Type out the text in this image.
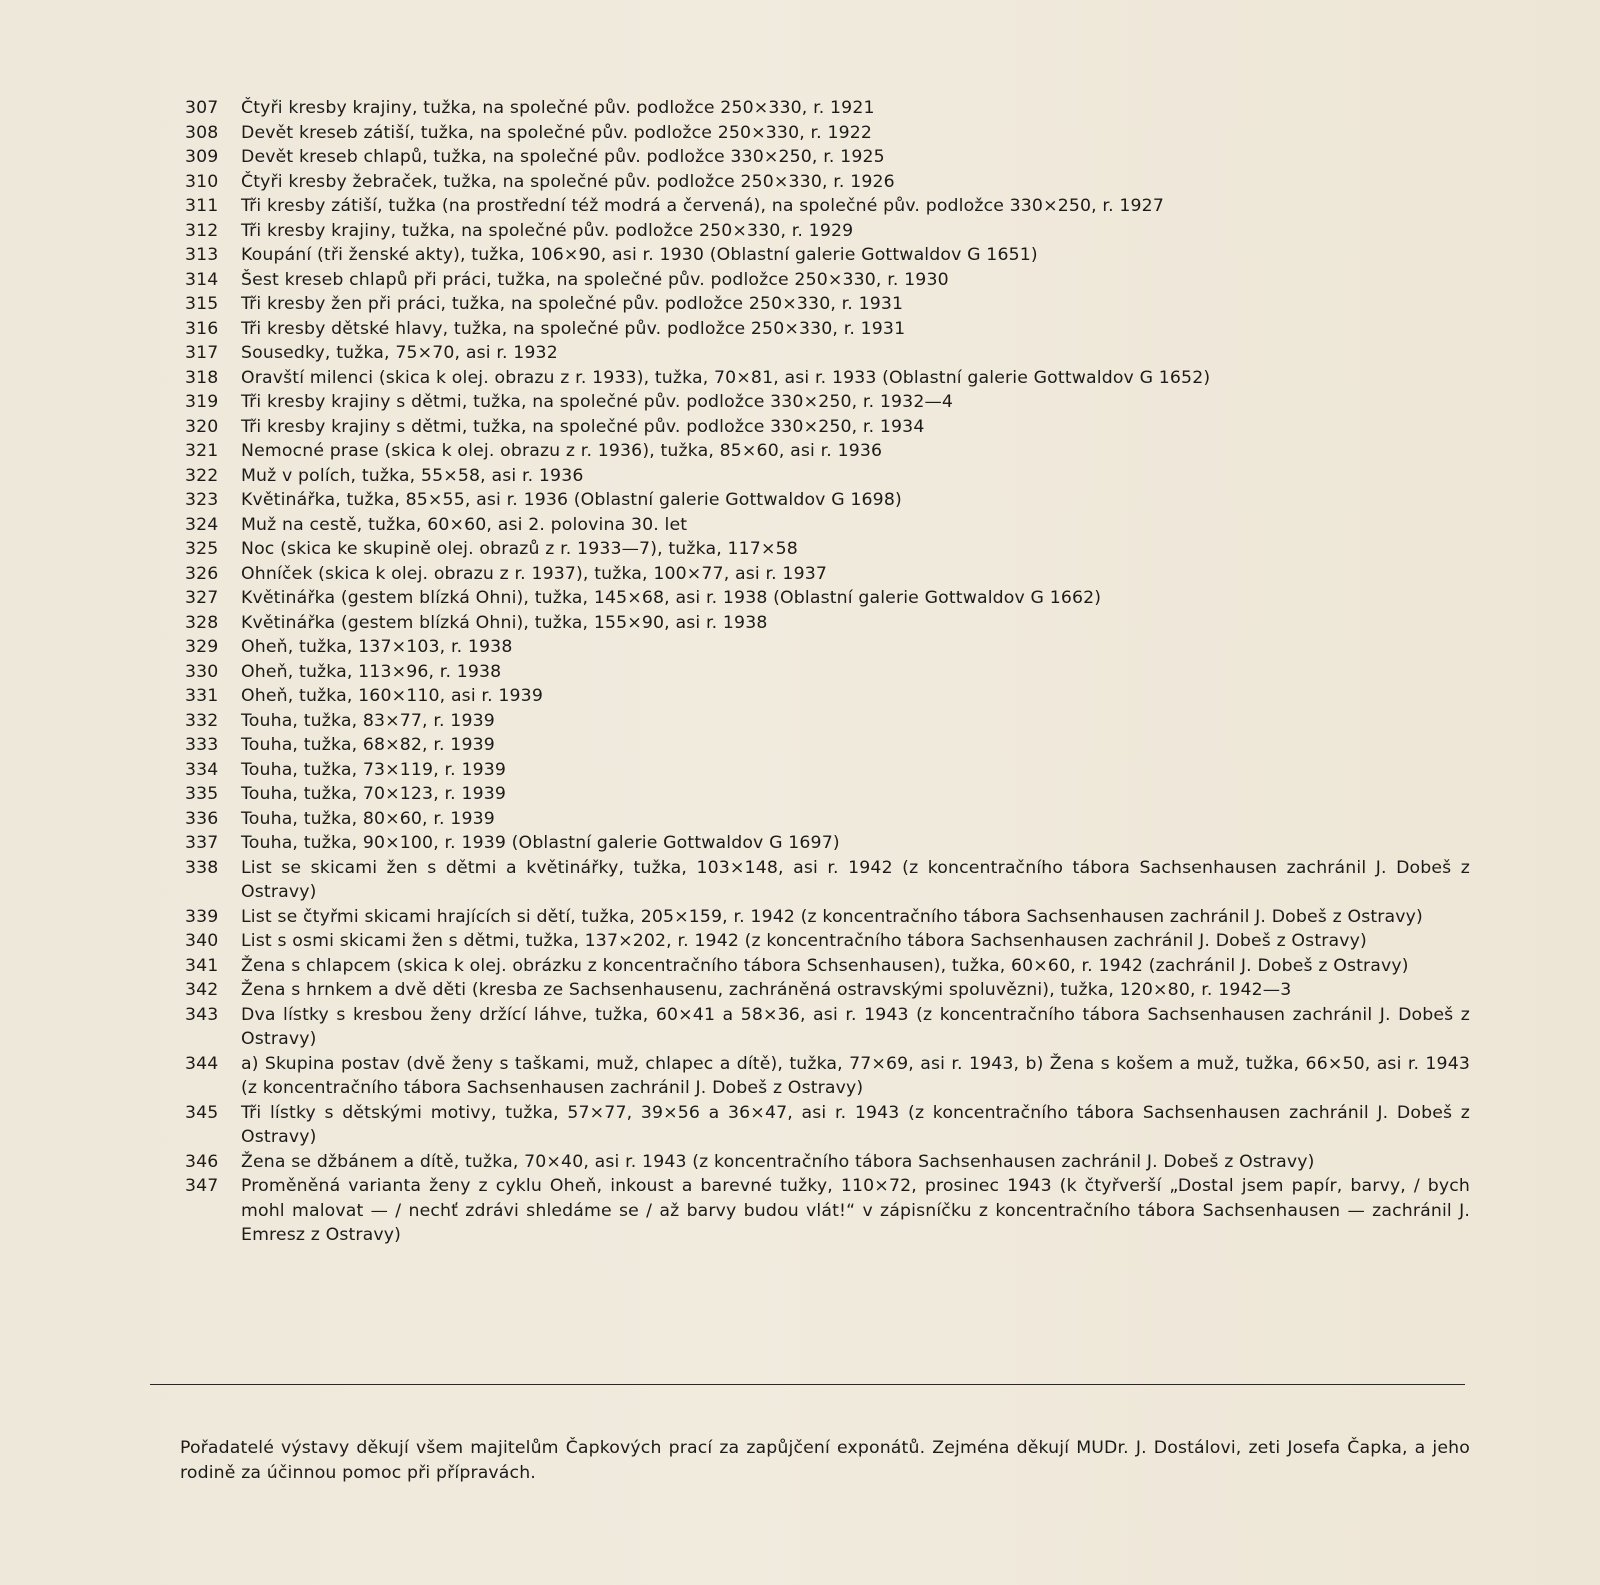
307	Čtyři kresby krajiny, tužka, na společné pův. podložce 250×330, r. 1921
308	Devět kreseb zátiší, tužka, na společné pův. podložce 250×330, r. 1922
309	Devět kreseb chlapů, tužka, na společné pův. podložce 330×250, r. 1925
310	Čtyři kresby žebraček, tužka, na společné pův. podložce 250×330, r. 1926
311	Tři kresby zátiší, tužka (na prostřední též modrá a červená), na společné pův. podložce 330×250, r. 1927
312	Tři kresby krajiny, tužka, na společné pův. podložce 250×330, r. 1929
313	Koupání (tři ženské akty), tužka, 106×90, asi r. 1930 (Oblastní galerie Gottwaldov G 1651)
314	Šest kreseb chlapů při práci, tužka, na společné pův. podložce 250×330, r. 1930
315	Tři kresby žen při práci, tužka, na společné pův. podložce 250×330, r. 1931
316	Tři kresby dětské hlavy, tužka, na společné pův. podložce 250×330, r. 1931
317	Sousedky, tužka, 75×70, asi r. 1932
318	Oravští milenci (skica k olej. obrazu z r. 1933), tužka, 70×81, asi r. 1933 (Oblastní galerie Gottwaldov G 1652)
319	Tři kresby krajiny s dětmi, tužka, na společné pův. podložce 330×250, r. 1932—4
320	Tři kresby krajiny s dětmi, tužka, na společné pův. podložce 330×250, r. 1934
321	Nemocné prase (skica k olej. obrazu z r. 1936), tužka, 85×60, asi r. 1936
322	Muž v polích, tužka, 55×58, asi r. 1936
323	Květinářka, tužka, 85×55, asi r. 1936 (Oblastní galerie Gottwaldov G 1698)
324	Muž na cestě, tužka, 60×60, asi 2. polovina 30. let
325	Noc (skica ke skupině olej. obrazů z r. 1933—7), tužka, 117×58
326	Ohníček (skica k olej. obrazu z r. 1937), tužka, 100×77, asi r. 1937
327	Květinářka (gestem blízká Ohni), tužka, 145×68, asi r. 1938 (Oblastní galerie Gottwaldov G 1662)
328	Květinářka (gestem blízká Ohni), tužka, 155×90, asi r. 1938
329	Oheň, tužka, 137×103, r. 1938
330	Oheň, tužka, 113×96, r. 1938
331	Oheň, tužka, 160×110, asi r. 1939
332	Touha, tužka, 83×77, r. 1939
333	Touha, tužka, 68×82, r. 1939
334	Touha, tužka, 73×119, r. 1939
335	Touha, tužka, 70×123, r. 1939
336	Touha, tužka, 80×60, r. 1939
337	Touha, tužka, 90×100, r. 1939 (Oblastní galerie Gottwaldov G 1697)
338	List se skicami žen s dětmi a květinářky, tužka, 103×148, asi r. 1942 (z koncentračního tábora Sachsenhausen zachránil J. Dobeš z Ostravy)
339	List se čtyřmi skicami hrajících si dětí, tužka, 205×159, r. 1942 (z koncentračního tábora Sachsenhausen zachránil J. Dobeš z Ostravy)
340	List s osmi skicami žen s dětmi, tužka, 137×202, r. 1942 (z koncentračního tábora Sachsenhausen zachránil J. Dobeš z Ostravy)
341	Žena s chlapcem (skica k olej. obrázku z koncentračního tábora Schsenhausen), tužka, 60×60, r. 1942 (zachránil J. Dobeš z Ostravy)
342	Žena s hrnkem a dvě děti (kresba ze Sachsenhausenu, zachráněná ostravskými spoluvězni), tužka, 120×80, r. 1942—3
343	Dva lístky s kresbou ženy držící láhve, tužka, 60×41 a 58×36, asi r. 1943 (z koncentračního tábora Sachsenhausen zachránil J. Dobeš z Ostravy)
344	a) Skupina postav (dvě ženy s taškami, muž, chlapec a dítě), tužka, 77×69, asi r. 1943, b) Žena s košem a muž, tužka, 66×50, asi r. 1943 (z koncentračního tábora Sachsenhausen zachránil J. Dobeš z Ostravy)
345	Tři lístky s dětskými motivy, tužka, 57×77, 39×56 a 36×47, asi r. 1943 (z koncentračního tábora Sachsenhausen zachránil J. Dobeš z Ostravy)
346	Žena se džbánem a dítě, tužka, 70×40, asi r. 1943 (z koncentračního tábora Sachsenhausen zachránil J. Dobeš z Ostravy)
347	Proměněná varianta ženy z cyklu Oheň, inkoust a barevné tužky, 110×72, prosinec 1943 (k čtyřverší „Dostal jsem papír, barvy, / bych mohl malovat — / nechť zdrávi shledáme se / až barvy budou vlát!“ v zápisníčku z koncentračního tábora Sachsenhausen — zachránil J. Emresz z Ostravy)

Pořadatelé výstavy děkují všem majitelům Čapkových prací za zapůjčení exponátů. Zejména děkují MUDr. J. Dostálovi, zeti Josefa Čapka, a jeho rodině za účinnou pomoc při přípravách.
